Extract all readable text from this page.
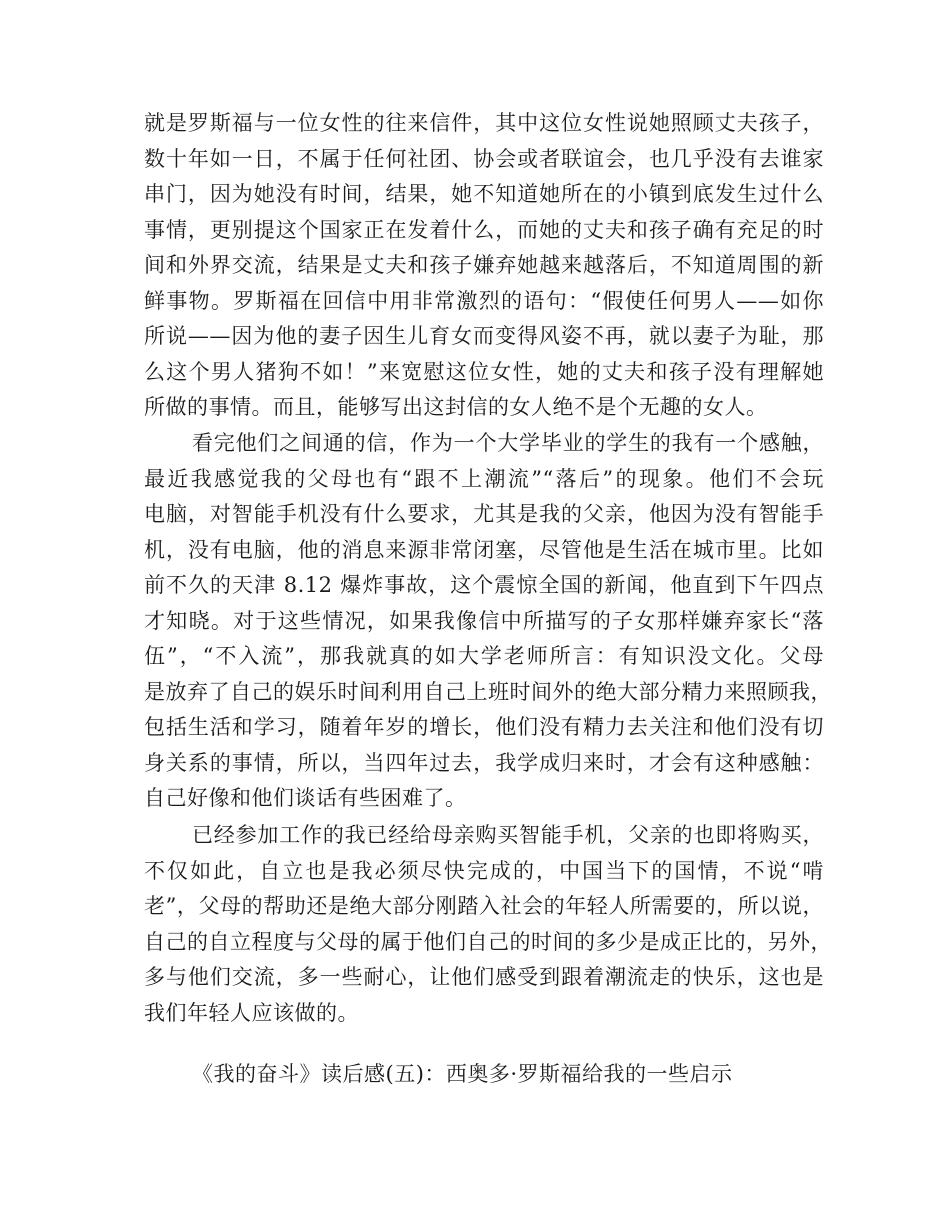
就是罗斯福与一位女性的往来信件，其中这位女性说她照顾丈夫孩子，
数十年如一日，不属于任何社团、协会或者联谊会，也几乎没有去谁家
串门，因为她没有时间，结果，她不知道她所在的小镇到底发生过什么
事情，更别提这个国家正在发着什么，而她的丈夫和孩子确有充足的时
间和外界交流，结果是丈夫和孩子嫌弃她越来越落后，不知道周围的新
鲜事物。罗斯福在回信中用非常激烈的语句：“假使任何男人——如你
所说——因为他的妻子因生儿育女而变得风姿不再，就以妻子为耻，那
么这个男人猪狗不如！”来宽慰这位女性，她的丈夫和孩子没有理解她
所做的事情。而且，能够写出这封信的女人绝不是个无趣的女人。
看完他们之间通的信，作为一个大学毕业的学生的我有一个感触，
最近我感觉我的父母也有“跟不上潮流”“落后”的现象。他们不会玩
电脑，对智能手机没有什么要求，尤其是我的父亲，他因为没有智能手
机，没有电脑，他的消息来源非常闭塞，尽管他是生活在城市里。比如
前不久的天津 8.12 爆炸事故，这个震惊全国的新闻，他直到下午四点
才知晓。对于这些情况，如果我像信中所描写的子女那样嫌弃家长“落
伍”，“不入流”，那我就真的如大学老师所言：有知识没文化。父母
是放弃了自己的娱乐时间利用自己上班时间外的绝大部分精力来照顾我，
包括生活和学习，随着年岁的增长，他们没有精力去关注和他们没有切
身关系的事情，所以，当四年过去，我学成归来时，才会有这种感触：
自己好像和他们谈话有些困难了。
已经参加工作的我已经给母亲购买智能手机，父亲的也即将购买，
不仅如此，自立也是我必须尽快完成的，中国当下的国情，不说“啃
老”，父母的帮助还是绝大部分刚踏入社会的年轻人所需要的，所以说，
自己的自立程度与父母的属于他们自己的时间的多少是成正比的，另外，
多与他们交流，多一些耐心，让他们感受到跟着潮流走的快乐，这也是
我们年轻人应该做的。
《我的奋斗》读后感(五)：西奥多·罗斯福给我的一些启示
